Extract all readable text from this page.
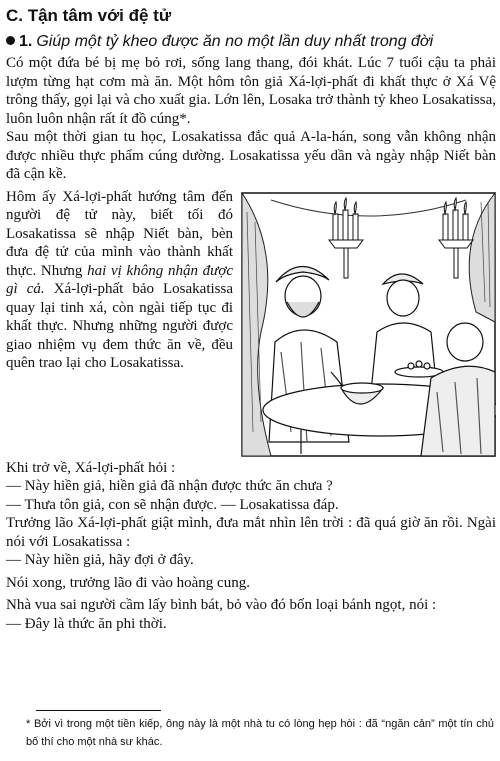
C. Tận tâm với đệ tử
1. Giúp một tỷ kheo được ăn no một lần duy nhất trong đời

Có một đứa bé bị mẹ bỏ rơi, sống lang thang, đói khát. Lúc 7 tuổi cậu ta phải lượm từng hạt cơm mà ăn. Một hôm tôn giả Xá-lợi-phất đi khất thực ở Xá Vệ trông thấy, gọi lại và cho xuất gia. Lớn lên, Losaka trở thành tỷ kheo Losakatissa, luôn luôn nhận rất ít đồ cúng*.

Sau một thời gian tu học, Losakatissa đắc quả A-la-hán, song vẫn không nhận được nhiều thực phẩm cúng dường. Losakatissa yếu dần và ngày nhập Niết bàn đã cận kề.

Hôm ấy Xá-lợi-phất hướng tâm đến người đệ tử này, biết tối đó Losakatissa sẽ nhập Niết bàn, bèn đưa đệ tử của mình vào thành khất thực. Nhưng hai vị không nhận được gì cả. Xá-lợi-phất bảo Losakatissa quay lại tinh xá, còn ngài tiếp tục đi khất thực. Nhưng những người được giao nhiệm vụ đem thức ăn về, đều quên trao lại cho Losakatissa.

Khi trở về, Xá-lợi-phất hỏi :

— Này hiền giả, hiền giả đã nhận được thức ăn chưa ?

— Thưa tôn giả, con sẽ nhận được. — Losakatissa đáp.

Trưởng lão Xá-lợi-phất giật mình, đưa mắt nhìn lên trời : đã quá giờ ăn rồi. Ngài nói với Losakatissa :

— Này hiền giả, hãy đợi ở đây.

Nói xong, trưởng lão đi vào hoàng cung.

Nhà vua sai người cầm lấy bình bát, bỏ vào đó bốn loại bánh ngọt, nói :

— Đây là thức ăn phi thời.

* Bởi vì trong một tiền kiếp, ông này là một nhà tu có lòng hẹp hòi : đã “ngăn cản” một tín chủ bố thí cho một nhà sư khác.
